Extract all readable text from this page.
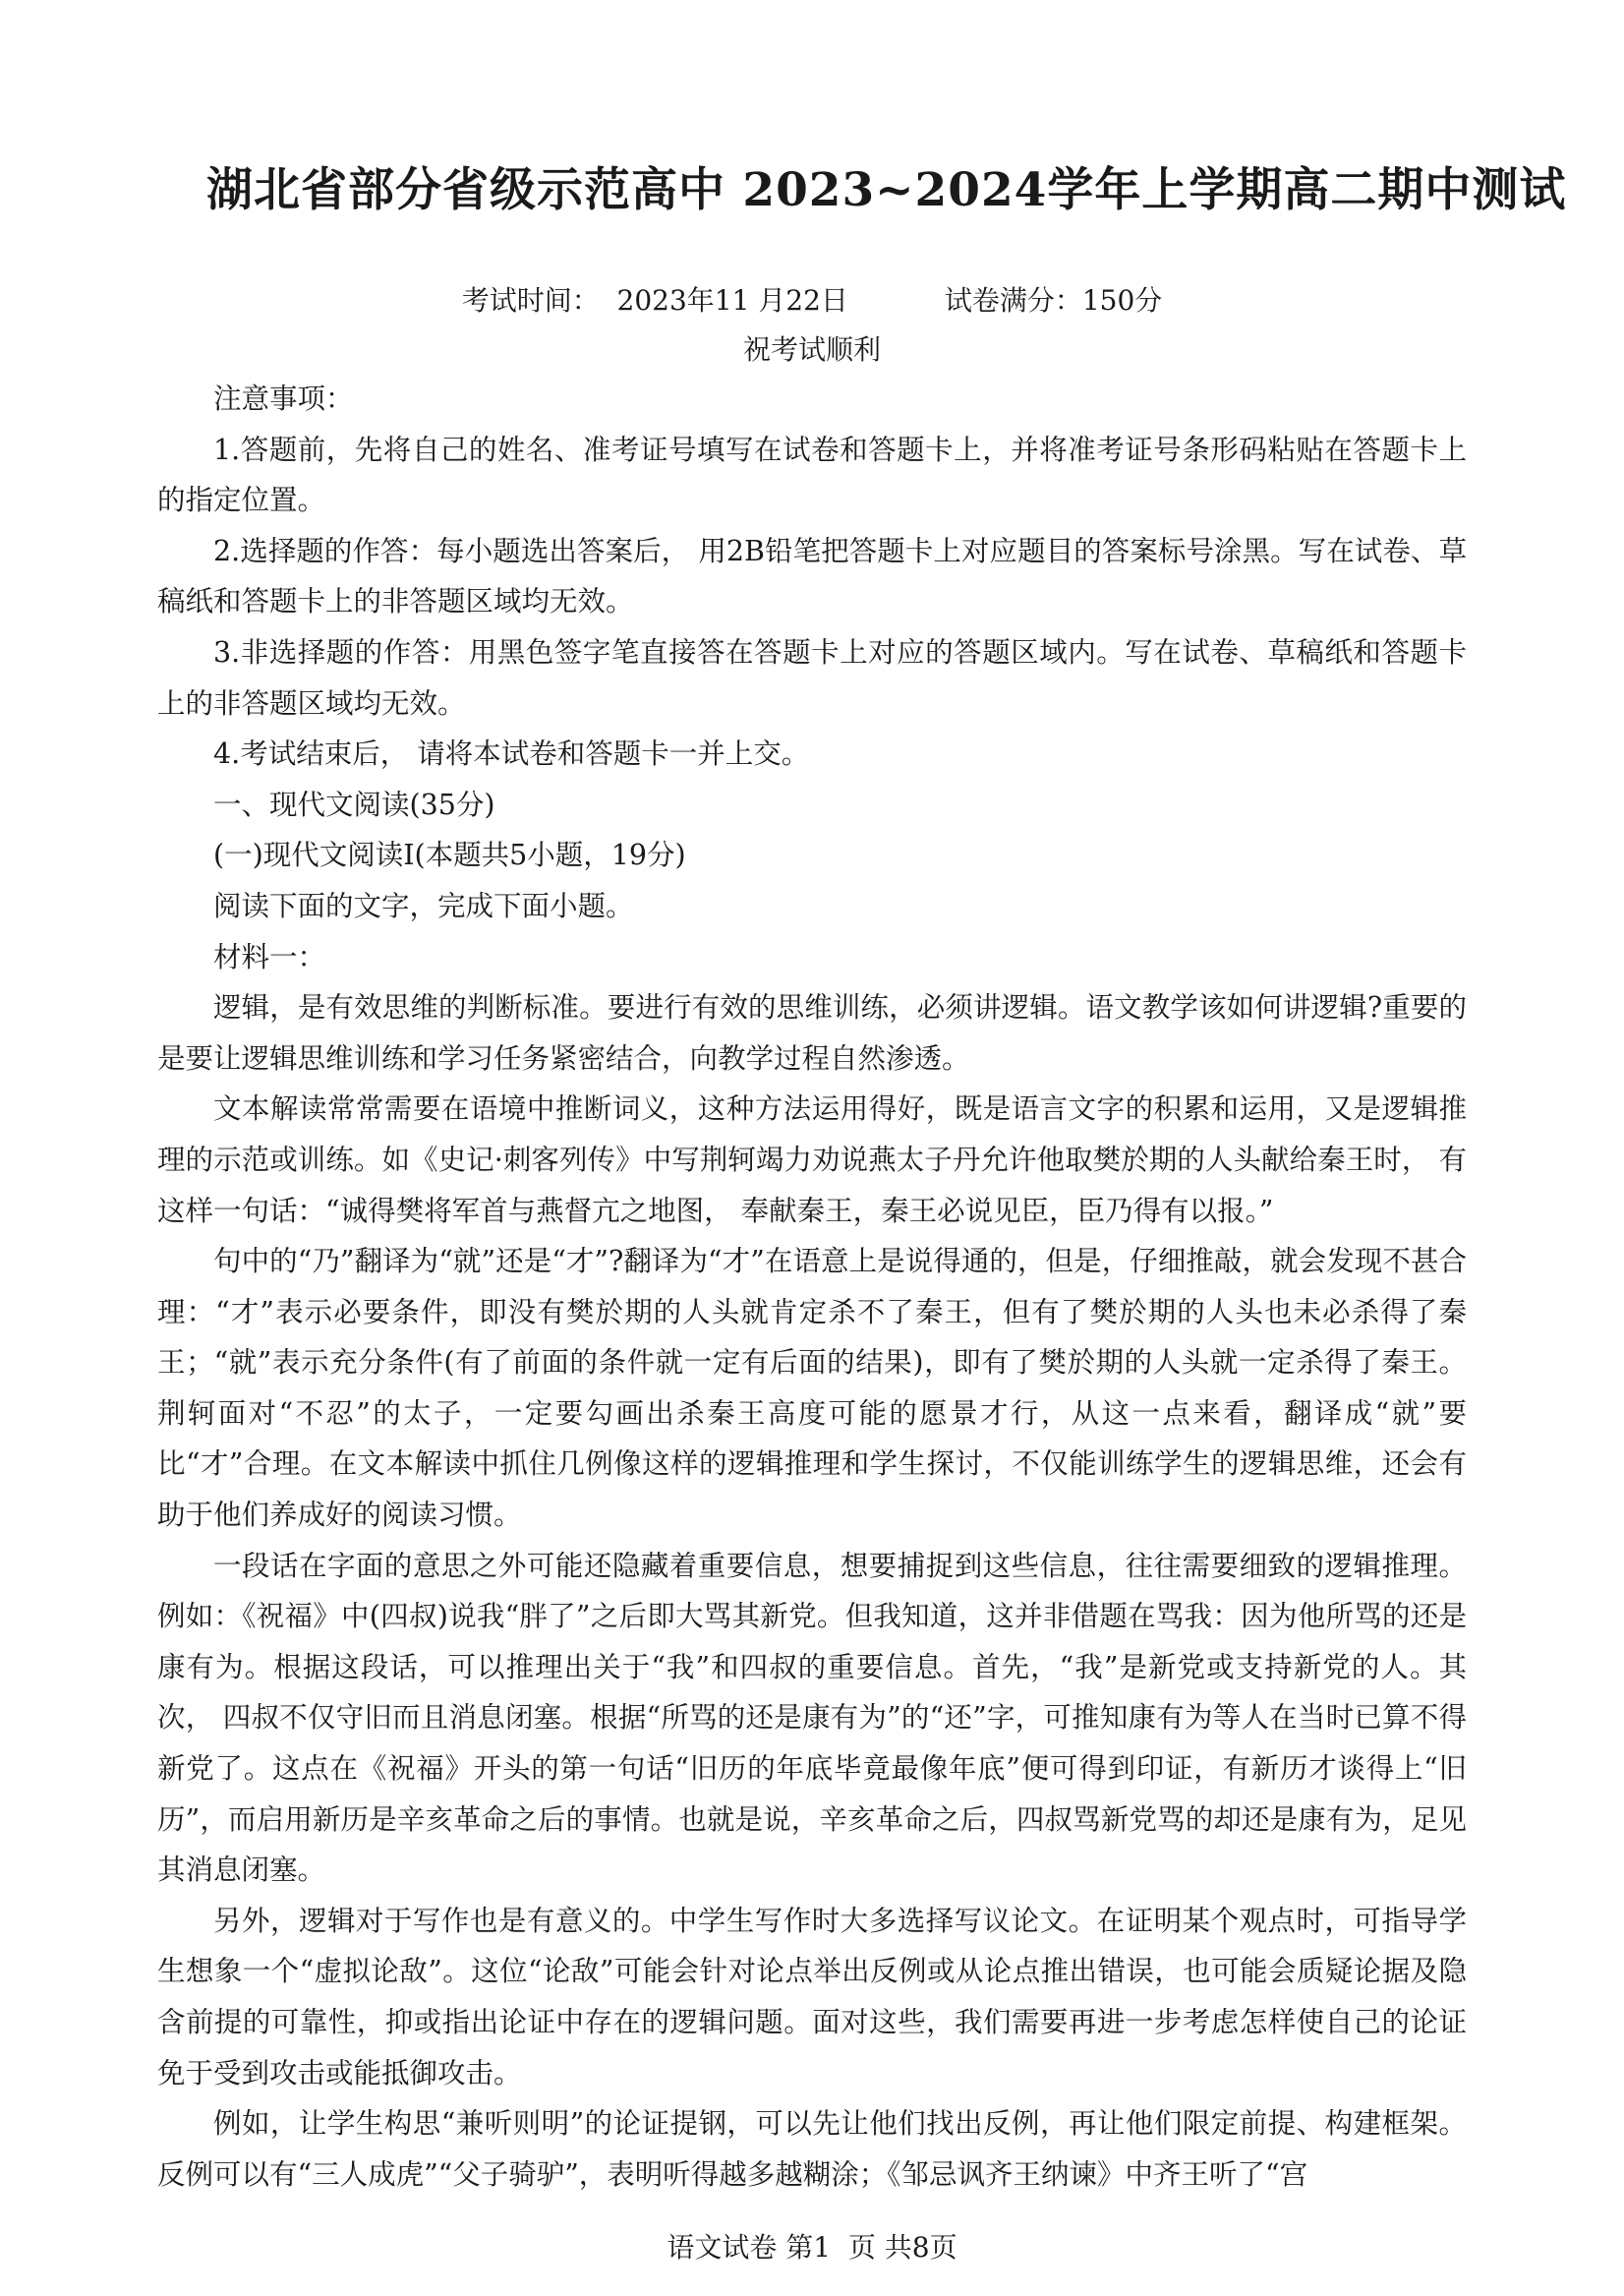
湖北省部分省级示范高中 2023~2024学年上学期高二期中测试

考试时间：  2023年11 月22日           试卷满分：150分

祝考试顺利

注意事项：

1.答题前，先将自己的姓名、准考证号填写在试卷和答题卡上，并将准考证号条形码粘贴在答题卡上的指定位置。

2.选择题的作答：每小题选出答案后， 用2B铅笔把答题卡上对应题目的答案标号涂黑。写在试卷、草稿纸和答题卡上的非答题区域均无效。

3.非选择题的作答：用黑色签字笔直接答在答题卡上对应的答题区域内。写在试卷、草稿纸和答题卡上的非答题区域均无效。

4.考试结束后， 请将本试卷和答题卡一并上交。

一、现代文阅读(35分)

(一)现代文阅读Ⅰ(本题共5小题，19分)

阅读下面的文字，完成下面小题。

材料一：

逻辑，是有效思维的判断标准。要进行有效的思维训练，必须讲逻辑。语文教学该如何讲逻辑?重要的是要让逻辑思维训练和学习任务紧密结合，向教学过程自然渗透。

文本解读常常需要在语境中推断词义，这种方法运用得好，既是语言文字的积累和运用，又是逻辑推理的示范或训练。如《史记·刺客列传》中写荆轲竭力劝说燕太子丹允许他取樊於期的人头献给秦王时， 有这样一句话：“诚得樊将军首与燕督亢之地图， 奉献秦王，秦王必说见臣，臣乃得有以报。”

句中的“乃”翻译为“就”还是“才”?翻译为“才”在语意上是说得通的，但是，仔细推敲，就会发现不甚合理：“才”表示必要条件，即没有樊於期的人头就肯定杀不了秦王，但有了樊於期的人头也未必杀得了秦王；“就”表示充分条件(有了前面的条件就一定有后面的结果)，即有了樊於期的人头就一定杀得了秦王。荆轲面对“不忍”的太子，一定要勾画出杀秦王高度可能的愿景才行，从这一点来看，翻译成“就”要比“才”合理。在文本解读中抓住几例像这样的逻辑推理和学生探讨，不仅能训练学生的逻辑思维，还会有助于他们养成好的阅读习惯。

一段话在字面的意思之外可能还隐藏着重要信息，想要捕捉到这些信息，往往需要细致的逻辑推理。例如：《祝福》中(四叔)说我“胖了”之后即大骂其新党。但我知道，这并非借题在骂我：因为他所骂的还是康有为。根据这段话，可以推理出关于“我”和四叔的重要信息。首先，“我”是新党或支持新党的人。其次， 四叔不仅守旧而且消息闭塞。根据“所骂的还是康有为”的“还”字，可推知康有为等人在当时已算不得新党了。这点在《祝福》开头的第一句话“旧历的年底毕竟最像年底”便可得到印证，有新历才谈得上“旧历”，而启用新历是辛亥革命之后的事情。也就是说，辛亥革命之后，四叔骂新党骂的却还是康有为，足见其消息闭塞。

另外，逻辑对于写作也是有意义的。中学生写作时大多选择写议论文。在证明某个观点时，可指导学生想象一个“虚拟论敌”。这位“论敌”可能会针对论点举出反例或从论点推出错误，也可能会质疑论据及隐含前提的可靠性，抑或指出论证中存在的逻辑问题。面对这些，我们需要再进一步考虑怎样使自己的论证免于受到攻击或能抵御攻击。

例如，让学生构思“兼听则明”的论证提钢，可以先让他们找出反例，再让他们限定前提、构建框架。反例可以有“三人成虎”“父子骑驴”，表明听得越多越糊涂；《邹忌讽齐王纳谏》中齐王听了“宫

语文试卷 第1  页 共8页
